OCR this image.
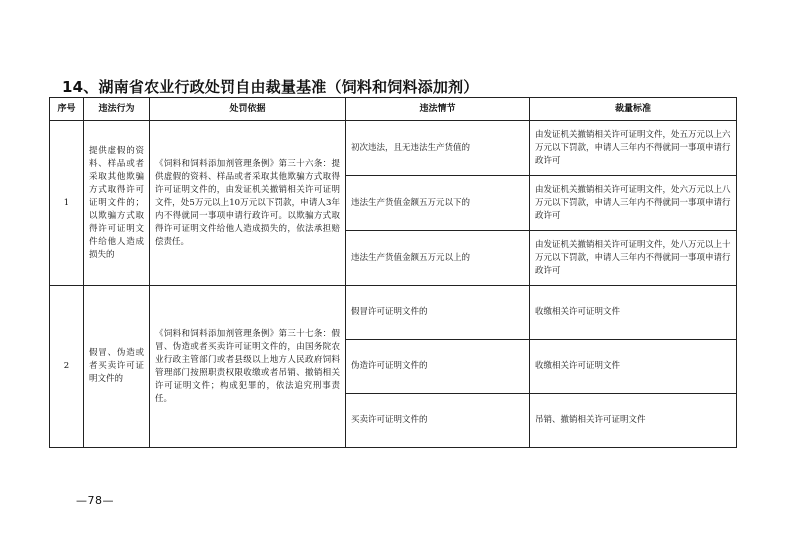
14、湖南省农业行政处罚自由裁量基准（饲料和饲料添加剂）
序号	违法行为	处罚依据	违法情节	裁量标准
1	提供虚假的资料、样品或者采取其他欺骗方式取得许可证明文件的；以欺骗方式取得许可证明文件给他人造成损失的	《饲料和饲料添加剂管理条例》第三十六条：提供虚假的资料、样品或者采取其他欺骗方式取得许可证明文件的，由发证机关撤销相关许可证明文件，处5万元以上10万元以下罚款，申请人3年内不得就同一事项申请行政许可。以欺骗方式取得许可证明文件给他人造成损失的，依法承担赔偿责任。	初次违法，且无违法生产货值的	由发证机关撤销相关许可证明文件，处五万元以上六万元以下罚款，申请人三年内不得就同一事项申请行政许可
			违法生产货值金额五万元以下的	由发证机关撤销相关许可证明文件，处六万元以上八万元以下罚款，申请人三年内不得就同一事项申请行政许可
			违法生产货值金额五万元以上的	由发证机关撤销相关许可证明文件，处八万元以上十万元以下罚款，申请人三年内不得就同一事项申请行政许可
2	假冒、伪造或者买卖许可证明文件的	《饲料和饲料添加剂管理条例》第三十七条：假冒、伪造或者买卖许可证明文件的，由国务院农业行政主管部门或者县级以上地方人民政府饲料管理部门按照职责权限收缴或者吊销、撤销相关许可证明文件；构成犯罪的，依法追究刑事责任。	假冒许可证明文件的	收缴相关许可证明文件
			伪造许可证明文件的	收缴相关许可证明文件
			买卖许可证明文件的	吊销、撤销相关许可证明文件
—78—
